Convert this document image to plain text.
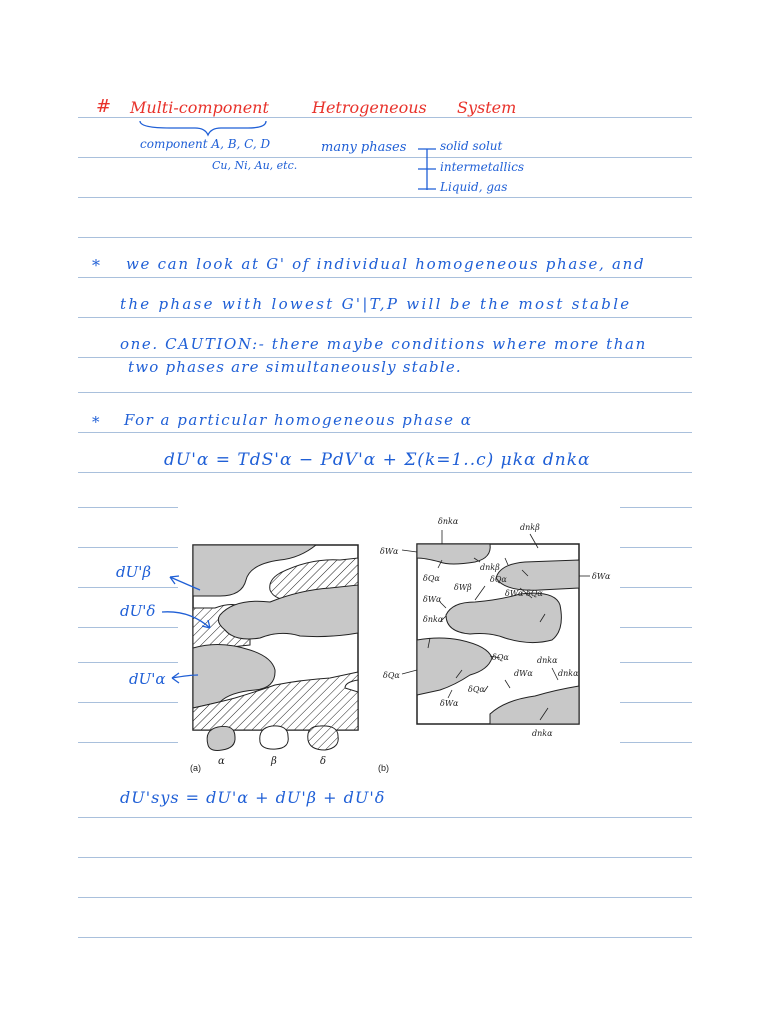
# Multi-component	Hetrogeneous System
component A, B, C, D
Cu, Ni, Au, etc.
many phases	solid solut
intermetallics
Liquid, gas
* we can look at G' of individual homogeneous phase, and
the phase with lowest G'|T,P will be the most stable
one. CAUTION:- there maybe conditions where more than
two phases are simultaneously stable.
* For a particular homogeneous phase α
dU'α = TdS'α − PdV'α + Σ(k=1..c) μkα dnkα
(a)
α	β	δ
dU'β
dU'δ
dU'α
δnkα
dnkβ
δWα
δWα
δQα
δWβ
dnkβ
δQα
δWα δQα
δWα
δnkα
δQα
δQα	dnkα
dWα	dnkα
δQα
δWα
dnkα
(b)
dU'sys = dU'α + dU'β + dU'δ
